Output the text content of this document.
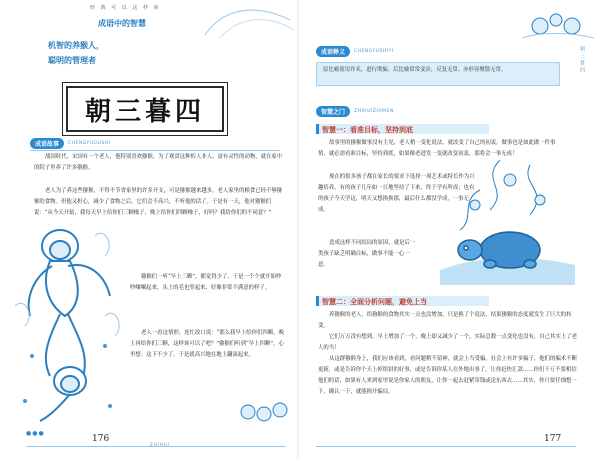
经 典 可 以 这 样 读
成语中的智慧
机智的养猴人，
聪明的管理者
朝三暮四
成语故事	CHENGYUGUSHI

战国时代，宋国有一个老人，他特别喜欢猕猴，为了观赏这种似人非人、富有灵性的动物，就在家中的院子里养了许多猕猴。

老人为了养这些猕猴，不得不节省家里的许多开支，可是猕猴越来越多，老人家里的粮食已经不够猕猴的食物。但他又担心，减少了食物之后，它们会不高兴，不听他的话了。于是有一天，他对猕猴们说：“从今天开始，我每天早上给你们三颗橡子，晚上给你们四颗橡子，好吗？我给你们的不同意？”

猕猴们一听“早上三颗”，都觉得少了，于是一个个就开始吵吵嚷嚷起来，头上的毛也竖起来，好像非常不满意的样子。

老人一看这情形，连忙改口说：“那么我早上给你们四颗，晚上再给你们三颗，这样该可以了吧？”猕猴们听到“早上四颗”，心里想：这下不少了。于是就高兴地在地上翻滚起来。

●●●
176
ZHIHUI
成语释义	CHENGYUSHIYI
原比喻使用诈术，进行欺骗。后比喻常常变卦，反复无常。亦形容聚散无常。	朝三暮四
智慧之门	ZHIHUIZHIMEN
智慧一：看准目标，坚持到底

故事里的猕猴做事没有主见，老人稍一变化说法，就改变了自己的初衷。做事也是如此做一件事情，就必需看准目标，坚持到底，如果像老进发一变就改变初衷，那将会一事无成！

现在的很多孩子都在家长的要求下选择一项艺术或特长作为兴趣培养，有的孩子几年如一日地坚持了下来，终于学有所成；也有的孩子今天学这，明天又想换换那，最后什么都没学成，一事无成。

造成这样不同结局的原因，就是后一类孩子缺乏明确目标，做事不能一心一意。

智慧二：全面分析问题，避免上当

养猕猴的老人，给猕猴的食物其实一点也没增加，只是换了个说法，结果猕猴的态度就发生了巨大的转变。

它们万万没有想到，早上增加了一个，晚上却又减少了一个，实际总数一点变化也没有，自己其实上了老人的当！

从这群猕猴身上，我们应该看到，看问题稍不留神，就会上当受骗。社会上有许多骗子，他们的骗术不断更新，或是告诉你个天上掉馅饼的好事，或是告诉你某人在外地出事了，让你赶快汇款……你们千万不要相信他们的话，如果有人来到家里说是你家人的朋友，让你一起去赶紧寄钱或送东西去……其实，你只要仔细想一下，确认一下，就能揭开骗局。

177
